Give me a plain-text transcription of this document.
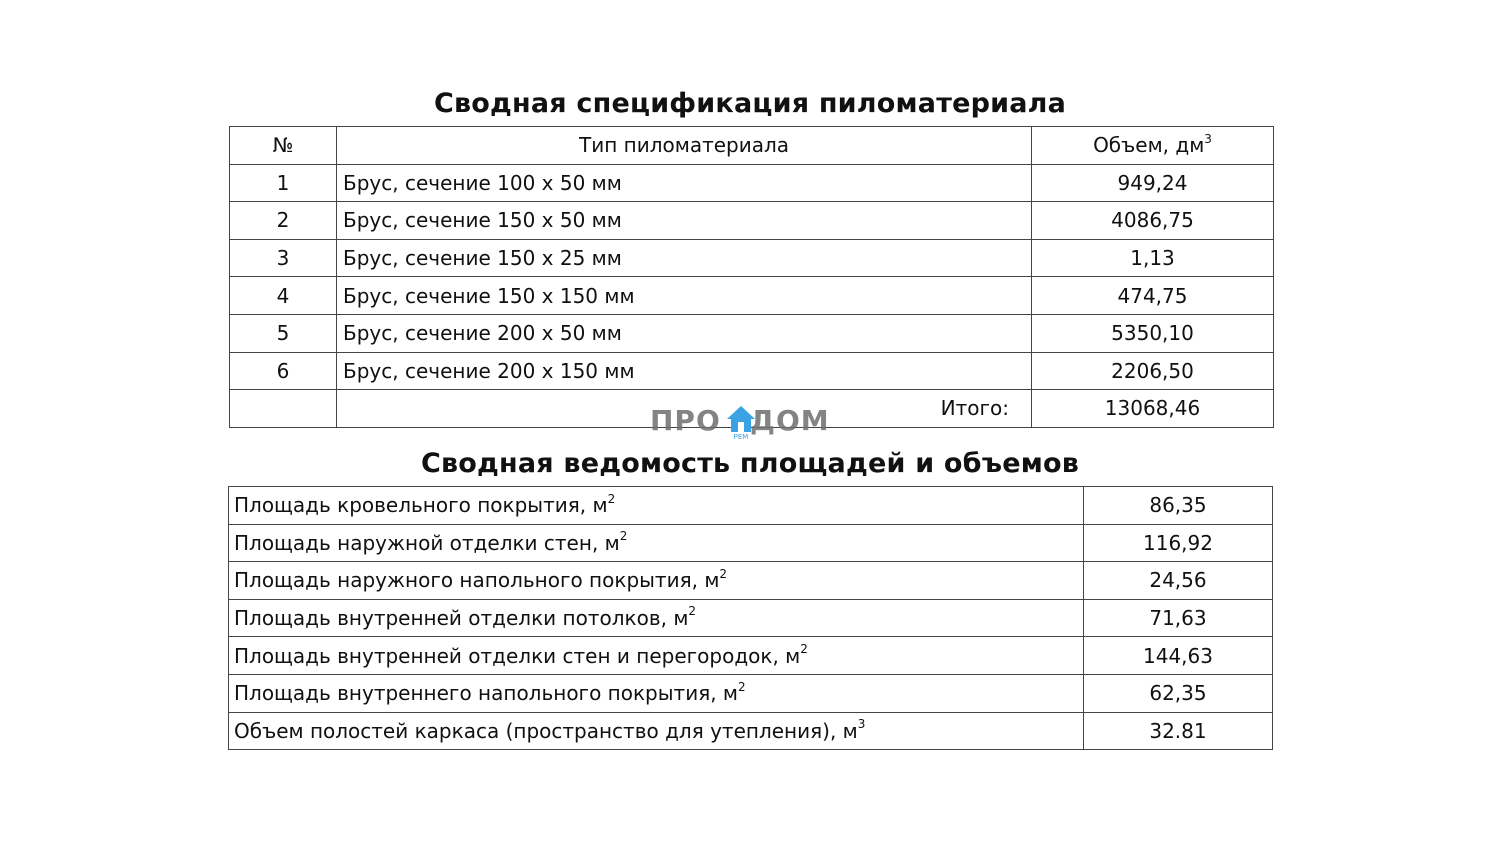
Сводная спецификация пиломатериала
№	Тип пиломатериала	Объем, $дм^3$
1	Брус, сечение 100 х 50 мм	949,24
2	Брус, сечение 150 х 50 мм	4086,75
3	Брус, сечение 150 х 25 мм	1,13
4	Брус, сечение 150 х 150 мм	474,75
5	Брус, сечение 200 х 50 мм	5350,10
6	Брус, сечение 200 х 150 мм	2206,50
	Итого:	13068,46
ПРО РЕМ ДОМ
Сводная ведомость площадей и объемов
Площадь кровельного покрытия, $м^2$	86,35
Площадь наружной отделки стен, $м^2$	116,92
Площадь наружного напольного покрытия, $м^2$	24,56
Площадь внутренней отделки потолков, $м^2$	71,63
Площадь внутренней отделки стен и перегородок, $м^2$	144,63
Площадь внутреннего напольного покрытия, $м^2$	62,35
Объем полостей каркаса (пространство для утепления), $м^3$	32.81
